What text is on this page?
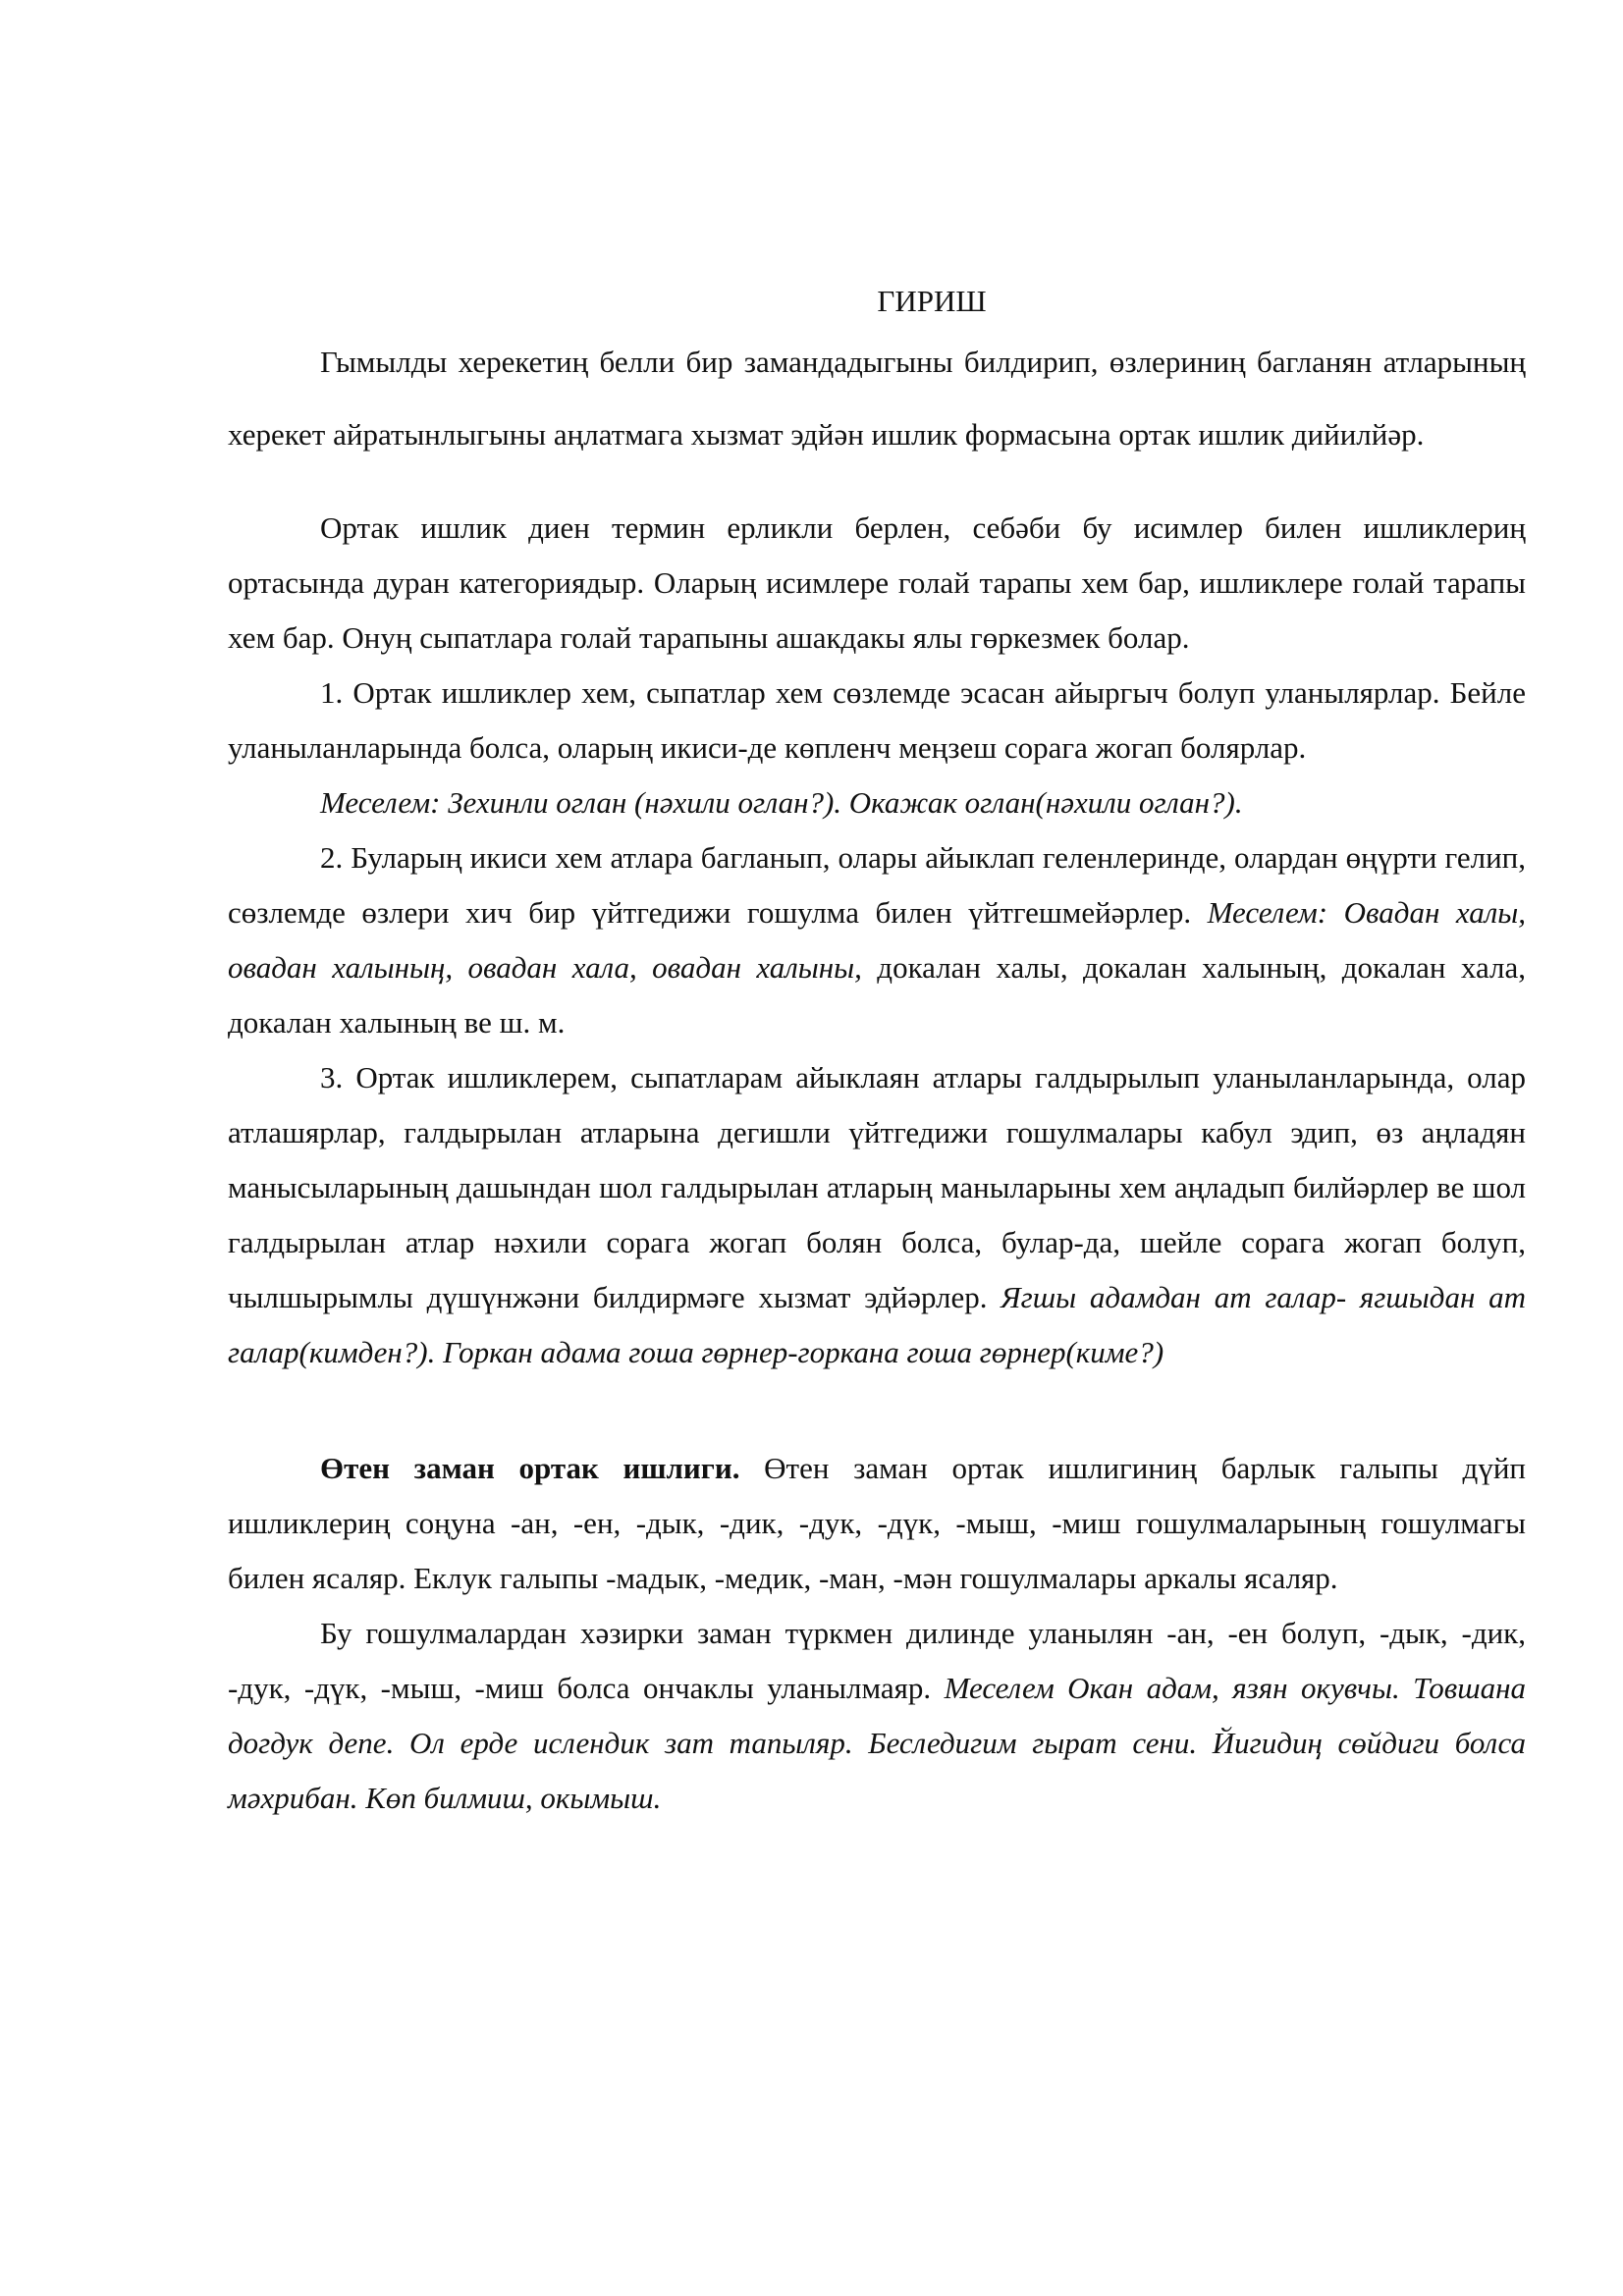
ГИРИШ

Гымылды херекетиң белли бир замандадыгыны билдирип, өзлериниң багланян атларының херекет айратынлыгыны аңлатмага хызмат эдйән ишлик формасына ортак ишлик дийилйәр.

Ортак ишлик диен термин ерликли берлен, себәби бу исимлер билен ишликлериң ортасында дуран категориядыр. Оларың исимлере голай тарапы хем бар, ишликлере голай тарапы хем бар. Онуң сыпатлара голай тарапыны ашакдакы ялы гөркезмек болар.

1. Ортак ишликлер хем, сыпатлар хем сөзлемде эсасан айыргыч болуп уланылярлар. Бейле уланыланларында болса, оларың икиси-де көпленч меңзеш сорага жогап болярлар.

Меселем: Зехинли оглан (нәхили оглан?). Окажак оглан(нәхили оглан?).

2. Буларың икиси хем атлара багланып, олары айыклап геленлеринде, олардан өңүрти гелип, сөзлемде өзлери хич бир үйтгедижи гошулма билен үйтгешмейәрлер. Меселем: Овадан халы, овадан халының, овадан хала, овадан халыны, докалан халы, докалан халының, докалан хала, докалан халының ве ш. м.

3. Ортак ишликлерем, сыпатларам айыклаян атлары галдырылып уланыланларында, олар атлашярлар, галдырылан атларына дегишли үйтгедижи гошулмалары кабул эдип, өз аңладян манысыларының дашындан шол галдырылан атларың маныларыны хем аңладып билйәрлер ве шол галдырылан атлар нәхили сорага жогап болян болса, булар-да, шейле сорага жогап болуп, чылшырымлы дүшүнжәни билдирмәге хызмат эдйәрлер. Ягшы адамдан ат галар- ягшыдан ат галар(кимден?). Горкан адама гоша гөрнер-горкана гоша гөрнер(киме?)

Өтен заман ортак ишлиги. Өтен заман ортак ишлигиниң барлык галыпы дүйп ишликлериң соңуна -ан, -ен, -дык, -дик, -дук, -дүк, -мыш, -миш гошулмаларының гошулмагы билен ясаляр. Еклук галыпы -мадык, -медик, -ман, -мән гошулмалары аркалы ясаляр.

Бу гошулмалардан хәзирки заман түркмен дилинде уланылян -ан, -ен болуп, -дык, -дик, -дук, -дүк, -мыш, -миш болса ончаклы уланылмаяр. Меселем Окан адам, язян окувчы. Товшана догдук депе. Ол ерде ислендик зат тапыляр. Беследигим гырат сени. Йигидиң сөйдиги болса мәхрибан. Көп билмиш, окымыш.
